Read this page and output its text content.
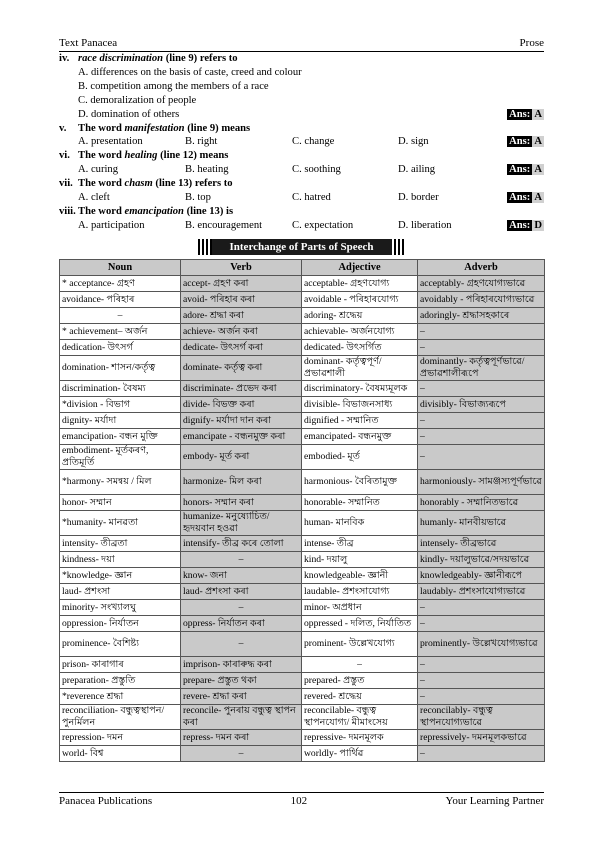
Text Panacea	Prose
iv. race discrimination (line 9) refers to
A. differences on the basis of caste, creed and colour
B. competition among the members of a race
C. demoralization of people
D. domination of others	Ans: A
v. The word manifestation (line 9) means
A. presentation	B. right	C. change	D. sign	Ans: A
vi. The word healing (line 12) means
A. curing	B. heating	C. soothing	D. ailing	Ans: A
vii. The word chasm (line 13) refers to
A. cleft	B. top	C. hatred	D. border	Ans: A
viii. The word emancipation (line 13) is
A. participation	B. encouragement	C. expectation	D. liberation	Ans: D
Interchange of Parts of Speech
Noun	Verb	Adjective	Adverb
* acceptance- গ্ৰহণ	accept- গ্ৰহণ কৰা	acceptable- গ্ৰহণযোগ্য	acceptably- গ্ৰহণযোগ্যভাৱে
avoidance- পৰিহাৰ	avoid- পৰিহাৰ কৰা	avoidable - পৰিহাৰযোগ্য	avoidably - পৰিহাৰযোগ্যভাৱে
–	adore- শ্ৰদ্ধা কৰা	adoring- শ্ৰদ্ধেয়	adoringly- শ্ৰদ্ধাসহকাৰে
* achievement– অৰ্জন	achieve- অৰ্জন কৰা	achievable- অৰ্জনযোগ্য	–
dedication- উৎসৰ্গ	dedicate- উৎসৰ্গ কৰা	dedicated- উৎসৰ্গিত	–
domination- শাসন/কৰ্তৃত্ব	dominate- কৰ্তৃত্ব কৰা	dominant- কৰ্তৃত্বপূৰ্ণ/ প্ৰভাৱশালী	dominantly- কৰ্তৃত্বপূৰ্ণভাৱে/ প্ৰভাৱশালীৰূপে
discrimination- বৈষম্য	discriminate- প্ৰভেদ কৰা	discriminatory- বৈষম্যমূলক	–
*division - বিভাগ	divide- বিভক্ত কৰা	divisible- বিভাজনসাধ্য	divisibly- বিভাজ্যৰূপে
dignity- মৰ্যাদা	dignify- মৰ্যাদা দান কৰা	dignified - সম্মানিত	–
emancipation- বন্ধন মুক্তি	emancipate - বন্ধনমুক্ত কৰা	emancipated- বন্ধনমুক্ত	–
embodiment- মূৰ্তকৰণ, প্ৰতিমূৰ্তি	embody- মূৰ্ত কৰা	embodied- মূৰ্ত	–
*harmony- সমন্বয় / মিল	harmonize- মিল কৰা	harmonious- বৈৰিতামুক্ত	harmoniously- সামঞ্জস্যপূৰ্ণভাৱে
honor- সম্মান	honors- সম্মান কৰা	honorable- সম্মানিত	honorably - সম্মানিতভাৱে
*humanity- মানৱতা	humanize- মনুষ্যোচিত/হৃদয়বান হওৱা	human- মানবিক	humanly- মানবীয়ভাৱে
intensity- তীব্ৰতা	intensify- তীব্ৰ কৰে তোলা	intense- তীব্ৰ	intensely- তীব্ৰভাৱে
kindness- দয়া	–	kind- দয়ালু	kindly- দয়ালুভাৱে/সদয়ভাৱে
*knowledge- জ্ঞান	know- জনা	knowledgeable- জ্ঞানী	knowledgeably- জ্ঞানীৰূপে
laud- প্ৰশংসা	laud- প্ৰশংসা কৰা	laudable- প্ৰশংসাযোগ্য	laudably- প্ৰশংসাযোগ্যভাৱে
minority- সংখ্যালঘু	–	minor- অপ্ৰধান	–
oppression- নিৰ্যাতন	oppress- নিৰ্যাতন কৰা	oppressed - দলিত, নিৰ্যাতিত	–
prominence- বৈশিষ্ট্য	–	prominent- উল্লেখযোগ্য	prominently- উল্লেখযোগ্যভাৱে
prison- কাৰাগাৰ	imprison- কাৰাৰুদ্ধ কৰা	–	–
preparation- প্ৰস্তুতি	prepare- প্ৰস্তুত থকা	prepared- প্ৰস্তুত	–
*reverence শ্ৰদ্ধা	revere- শ্ৰদ্ধা কৰা	revered- শ্ৰদ্ধেয়	–
reconciliation- বন্ধুত্বস্থাপন/পুনৰ্মিলন	reconcile- পুনৰায় বন্ধুত্ব স্থাপন কৰা	reconcilable- বন্ধুত্ব স্থাপনযোগ্য/ মীমাংসেয়	reconcilably- বন্ধুত্ব স্থাপনযোগ্যভাৱে
repression- দমন	repress- দমন কৰা	repressive- দমনমূলক	repressively- দমনমূলকভাৱে
world- বিশ্ব	–	worldly- পাৰ্থিৱ	–
Panacea Publications	102	Your Learning Partner
